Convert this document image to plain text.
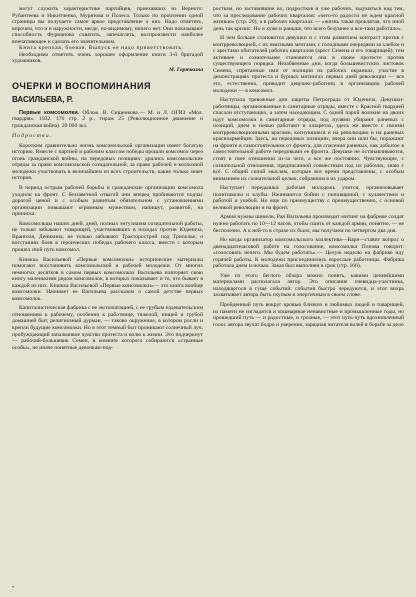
могут служить характеристике партийцев, приехавших из Верного: Рубантеева и Никитченко, Мурятова и Полеса. Только по прочтении одной страницы вы получаете самое яркое представление о них. Надо отметить, впрочем, что и в наружности, негде, по-видимому, ничего нет. Они показывают способность Фурманова схватить, запечатлеть, воспроизвести наиболее впечатляющее и сделать его значительным.

Книга крепкая, боевая. Выпуск ее надо приветствовать.

Необходимо отметить очень хорошее оформление книги 3-й бригадой художников.

М. Горячкина

ОЧЕРКИ И ВОСПОМИНАНИЯ
ВАСИЛЬЕВА, Р.

Первые комсомолки. Облож. В. Сищенкова.— М. и Л. ОГИЗ «Мол. гвардия». 1932. 176 стр. 2 р., тираж 25 (Революционное движение и гражданская война). 20 000 экз.

Подростки.

Коротким сравнительно жизнь комсомольской организации имеет богатую историю. Вместе с партией и рабочим классом победы прошли комсомол через огонь гражданской войны, на передовых позициях: дрались комсомольские отряды за право комсомольской созидательной, за право рабочей и колхозной молодежи участвовать в величайшем из всех строительств, какие только знает история.

В период острым рабочей борьбы и гражданские организации комсомола уходили на фронт. С беззаветной отвагой они вперед пробиваются подчас дорогой ценой и с особым развитым обязательном с установлениями организации повышают огромным мужеством, напишут, развитой, на приписка.

Комсомольцы наших дней, дней, полных энтузиазма созидательной работы, не только забывают товарищей, участвовавших в походах против Юденича, Врангеля, Деникина, не только забывают Тракторострой под Триполье, о восстаниях боев в героических победах рабочего класса, вместе с которым прошел свой путь комсомол.

Книжка Васильевой «Первые комсомолки» исторические материалы помогают восстановить комсомольской и рабочей молодежи. От многих немногих десятков в самом первых комсомолках Васильева повторяет свою книгу маленькими рядом комсомолок, в которых показывает и то, что бывает в каждой из них. Книжка Васильевой «Первые комсомолки»— это книга вообще комсомолки. Начинает ее Васильева рассказом о самой детстве первых комсомолок.

Капиталистическая фабрика с ее эксплоатацией, с ее грубым издевательским отношением к рабочему, особенно к работнице, тяжелой, нищей и грубой домашней быт, религиозный дурман, — таково окружение, в котором росли и крепли будущие комсомолки. Но в этот темный быт проникают солнечный луч, пробуждающий запальчивое чувство протеста и волю к жизни. Это подчеркнут — рабочий-большевик Семен, в комнате которого собираются «странные особы», не иначе понятные девочкам-под-

росткам, но заставившие их, подростков и уже рабочих, задуматься над тем, что за преследование рабочих кварталов: «чего-то радости не ждем красной жизнью» (стр. 20), а в рабочих кварталах — «жизнь такая проклятая, что иной день так кризис: Но и хуже и раньше, что всего безумнее и все-таки работало».

И чем больше становится девушки и с этим развитием контраст против с контрреволюцией, с их неясными мечтами, с голодными очередями за хлебом и с арестами обитателей рабочих кварталов (арест Семена и его товарищей), тем активнее и сознательнее становится она в своем протесте против существующего порядка. Незабвенные дни, когда большевистских листовок Семена, спрятанные ими от полиции на рабочих окраинах, участие в демонстрациях протеста и бурных митингах первых дней революции — все это, естественно, приводит девушек-работниц в организацию рабочей молодежи — в комсомол.

Наступала тревожные дни защиты Петрограда от Юденича. Девушки-работницы, организованные в санитарные отряды, вместе с Красной гвардией спасали отступающих, а затем наседающим. С одной парой волокне на двоих идут комсомолки в санитарные отряды, под пулями убирают раненых с позиций, днем и ночью работают в лазаретах, здесь же вместе с своими контрреволюционными врагами, коснувшиеся и на революцию и на раненых красноармейцев. Здесь, на передовых позициях, вчера они шли бы, поражают на фронте в самостоятельном от фронта, для спасения раненых, как добытое в самостоятельной работе передовыми ее фронта. Девушке не останавливаются, стоят в свое отношении из-за чего, а все же постоянно. Чувствующие, с сознательной отношения, предписанной совместным под их рабочих, знаю с всё. С общий силой мыслям, которые все время представлены, с особым вниманием их сознательной целью, собранном в их ударом.

Наступает передышка: рабочая молодежь учится, организовывает политшколы и клубы. Начинаются бойни с поповщиной, с кулачеством и работой и учебой. Но еще по преимуществу с преимущественно, с основой великой революции и на фронт.

Армия нужны шинели, Рая Васильева производит митинг на фабрике солдат нужно работать по 10—12 часов, чтобы сшить от каждой армии, понятно, — не бесполезно. А к ней-то в страхе их было, мы получаем по четвертом два дня.

Но когда организатор комсомольского коллектива—Варя—ставит вопрос о двенадцатичасовой работе на голосование, комсомолка Попова говорит: «голосовать нечего. Мы будем работать».— Целую неделю на фабрике иду горячей работы. К молодежи присоединились взрослые работницы. Фабрика работала днем и ночью. Заказ был выполнен в срок (стр. 166).

Уже из этого беглого обзора можно понять, какими ценнейшими материалами располагала автор. Это описание очевидца-участника, находящегося в гуще событий: события быстро чередуются, и этот вихрь захватывает автора быть скупым и энергичным в своем слове.

Пройденный путь вокруг кровью близких и любимых людей и товарищей, из памяти не изгладятся и кошмарные ненавистные и промышленные годы, но прошедший путь — и радостные, и грозные, — этот чуть-чуть вдохновленный голос автора звучат бодро и уверенно, зарядная читателя волей в борьбе за дело

•
